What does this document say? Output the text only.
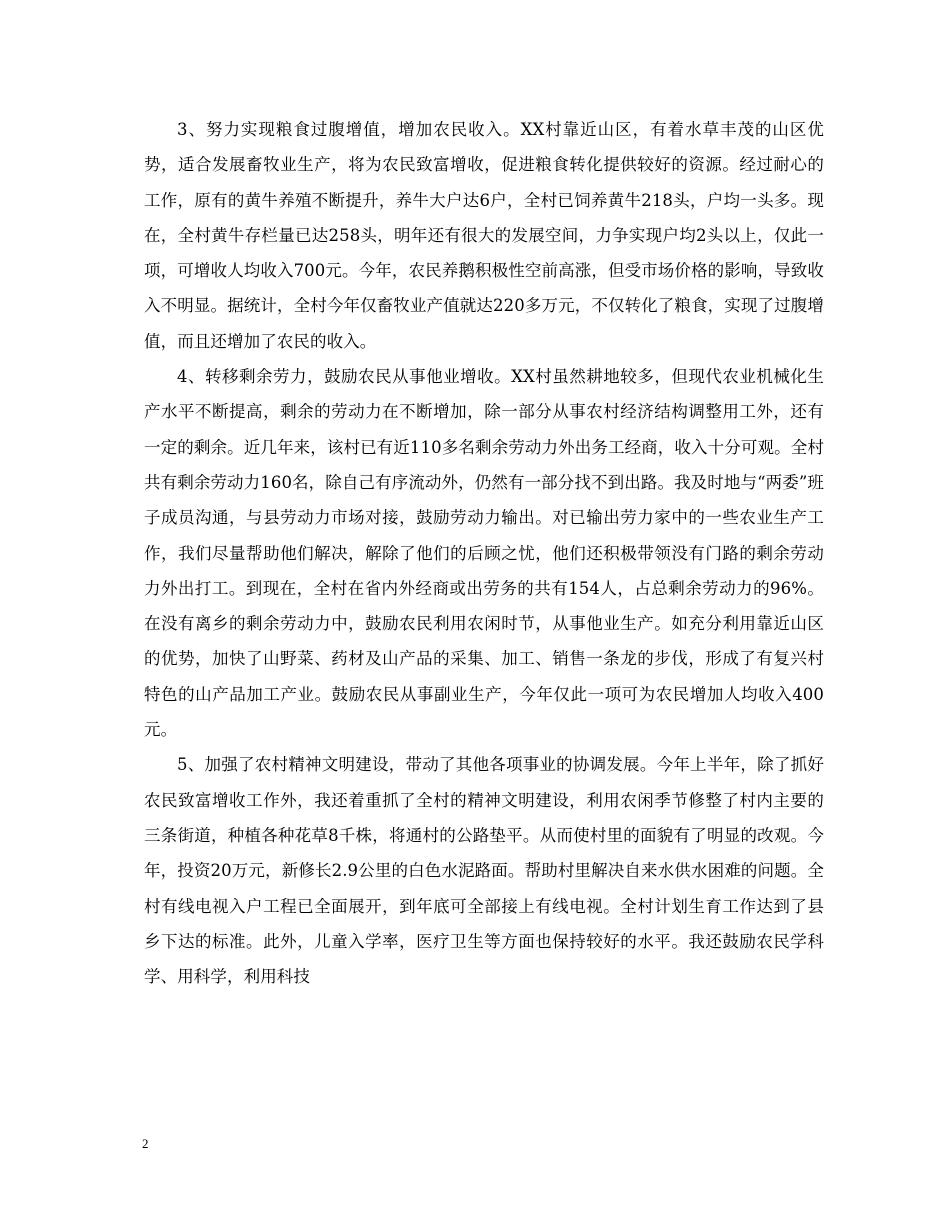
3、努力实现粮食过腹增值，增加农民收入。XX村靠近山区，有着水草丰茂的山区优势，适合发展畜牧业生产，将为农民致富增收，促进粮食转化提供较好的资源。经过耐心的工作，原有的黄牛养殖不断提升，养牛大户达6户，全村已饲养黄牛218头，户均一头多。现在，全村黄牛存栏量已达258头，明年还有很大的发展空间，力争实现户均2头以上，仅此一项，可增收人均收入700元。今年，农民养鹅积极性空前高涨，但受市场价格的影响，导致收入不明显。据统计，全村今年仅畜牧业产值就达220多万元，不仅转化了粮食，实现了过腹增值，而且还增加了农民的收入。

4、转移剩余劳力，鼓励农民从事他业增收。XX村虽然耕地较多，但现代农业机械化生产水平不断提高，剩余的劳动力在不断增加，除一部分从事农村经济结构调整用工外，还有一定的剩余。近几年来，该村已有近110多名剩余劳动力外出务工经商，收入十分可观。全村共有剩余劳动力160名，除自己有序流动外，仍然有一部分找不到出路。我及时地与“两委”班子成员沟通，与县劳动力市场对接，鼓励劳动力输出。对已输出劳力家中的一些农业生产工作，我们尽量帮助他们解决，解除了他们的后顾之忧，他们还积极带领没有门路的剩余劳动力外出打工。到现在，全村在省内外经商或出劳务的共有154人，占总剩余劳动力的96%。在没有离乡的剩余劳动力中，鼓励农民利用农闲时节，从事他业生产。如充分利用靠近山区的优势，加快了山野菜、药材及山产品的采集、加工、销售一条龙的步伐，形成了有复兴村特色的山产品加工产业。鼓励农民从事副业生产，今年仅此一项可为农民增加人均收入400元。

5、加强了农村精神文明建设，带动了其他各项事业的协调发展。今年上半年，除了抓好农民致富增收工作外，我还着重抓了全村的精神文明建设，利用农闲季节修整了村内主要的三条街道，种植各种花草8千株，将通村的公路垫平。从而使村里的面貌有了明显的改观。今年，投资20万元，新修长2.9公里的白色水泥路面。帮助村里解决自来水供水困难的问题。全村有线电视入户工程已全面展开，到年底可全部接上有线电视。全村计划生育工作达到了县乡下达的标准。此外，儿童入学率，医疗卫生等方面也保持较好的水平。我还鼓励农民学科学、用科学，利用科技

2
